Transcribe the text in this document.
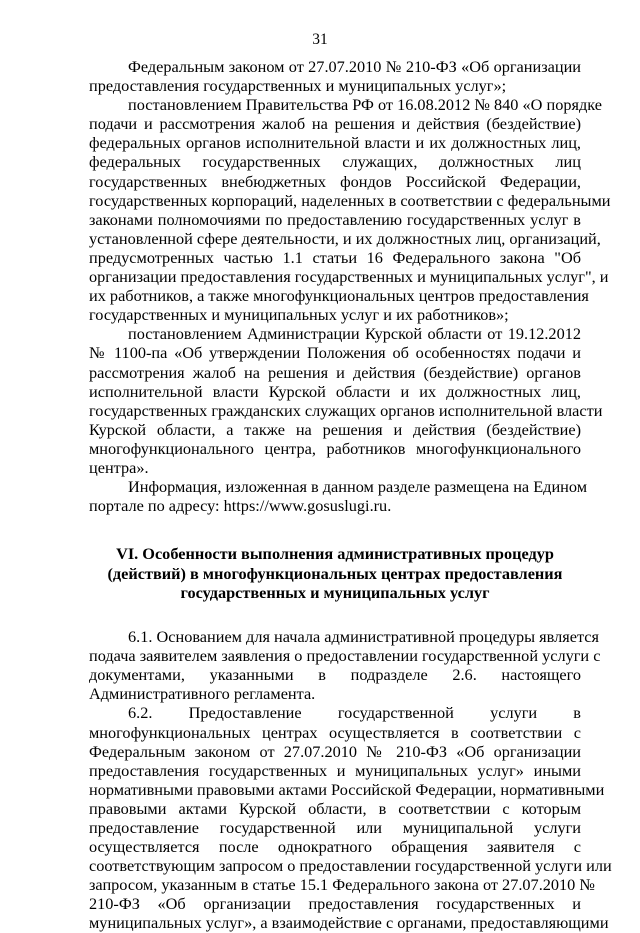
31
Федеральным законом от 27.07.2010 № 210-ФЗ «Об организации
предоставления государственных и муниципальных услуг»;
постановлением Правительства РФ от 16.08.2012 № 840 «О порядке
подачи и рассмотрения жалоб на решения и действия (бездействие)
федеральных органов исполнительной власти и их должностных лиц,
федеральных государственных служащих, должностных лиц
государственных внебюджетных фондов Российской Федерации,
государственных корпораций, наделенных в соответствии с федеральными
законами полномочиями по предоставлению государственных услуг в
установленной сфере деятельности, и их должностных лиц, организаций,
предусмотренных частью 1.1 статьи 16 Федерального закона "Об
организации предоставления государственных и муниципальных услуг", и
их работников, а также многофункциональных центров предоставления
государственных и муниципальных услуг и их работников»;
постановлением Администрации Курской области от 19.12.2012
№ 1100-па «Об утверждении Положения об особенностях подачи и
рассмотрения жалоб на решения и действия (бездействие) органов
исполнительной власти Курской области и их должностных лиц,
государственных гражданских служащих органов исполнительной власти
Курской области, а также на решения и действия (бездействие)
многофункционального центра, работников многофункционального
центра».
Информация, изложенная в данном разделе размещена на Едином
портале по адресу: https://www.gosuslugi.ru.
VI. Особенности выполнения административных процедур
(действий) в многофункциональных центрах предоставления
государственных и муниципальных услуг
6.1. Основанием для начала административной процедуры является
подача заявителем заявления о предоставлении государственной услуги с
документами, указанными в подразделе 2.6. настоящего
Административного регламента.
6.2. Предоставление государственной услуги в
многофункциональных центрах осуществляется в соответствии с
Федеральным законом от 27.07.2010 № 210-ФЗ «Об организации
предоставления государственных и муниципальных услуг» иными
нормативными правовыми актами Российской Федерации, нормативными
правовыми актами Курской области, в соответствии с которым
предоставление государственной или муниципальной услуги
осуществляется после однократного обращения заявителя с
соответствующим запросом о предоставлении государственной услуги или
запросом, указанным в статье 15.1 Федерального закона от 27.07.2010 №
210-ФЗ «Об организации предоставления государственных и
муниципальных услуг», а взаимодействие с органами, предоставляющими
